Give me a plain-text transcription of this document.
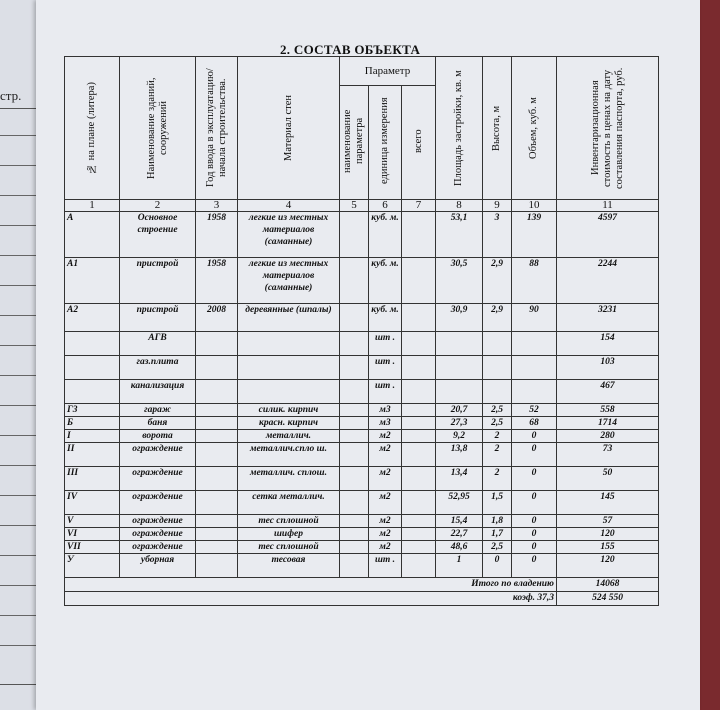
стр.
2. СОСТАВ ОБЪЕКТА
№ на плане (литера)	Наименование зданий, сооружений	Год ввода в эксплуатацию/начала строительства.	Материал стен	Параметр			Площадь застройки, кв. м	Высота, м	Объем, куб. м	Инвентаризационная стоимость в ценах на дату составления паспорта, руб.
				наименование параметра	единица измерения	всего				
1	2	3	4	5	6	7	8	9	10	11
А	Основное строение	1958	легкие из местных материалов (саманные)		куб. м.		53,1	3	139	4597
А1	пристрой	1958	легкие из местных материалов (саманные)		куб. м.		30,5	2,9	88	2244
А2	пристрой	2008	деревянные (шпалы)		куб. м.		30,9	2,9	90	3231
	АГВ				шт .					154
	газ.плита				шт .					103
	канализация				шт .					467
Г3	гараж		силик. кирпич		м3		20,7	2,5	52	558
Б	баня		красн. кирпич		м3		27,3	2,5	68	1714
I	ворота		металлич.		м2		9,2	2	0	280
II	ограждение		металлич.спло ш.		м2		13,8	2	0	73
III	ограждение		металлич. сплош.		м2		13,4	2	0	50
IV	ограждение		сетка металлич.		м2		52,95	1,5	0	145
V	ограждение		тес сплошной		м2		15,4	1,8	0	57
VI	ограждение		шифер		м2		22,7	1,7	0	120
VII	ограждение		тес сплошной		м2		48,6	2,5	0	155
У	уборная		тесовая		шт .		1	0	0	120
Итого по владению										14068
коэф. 37,3										524 550
